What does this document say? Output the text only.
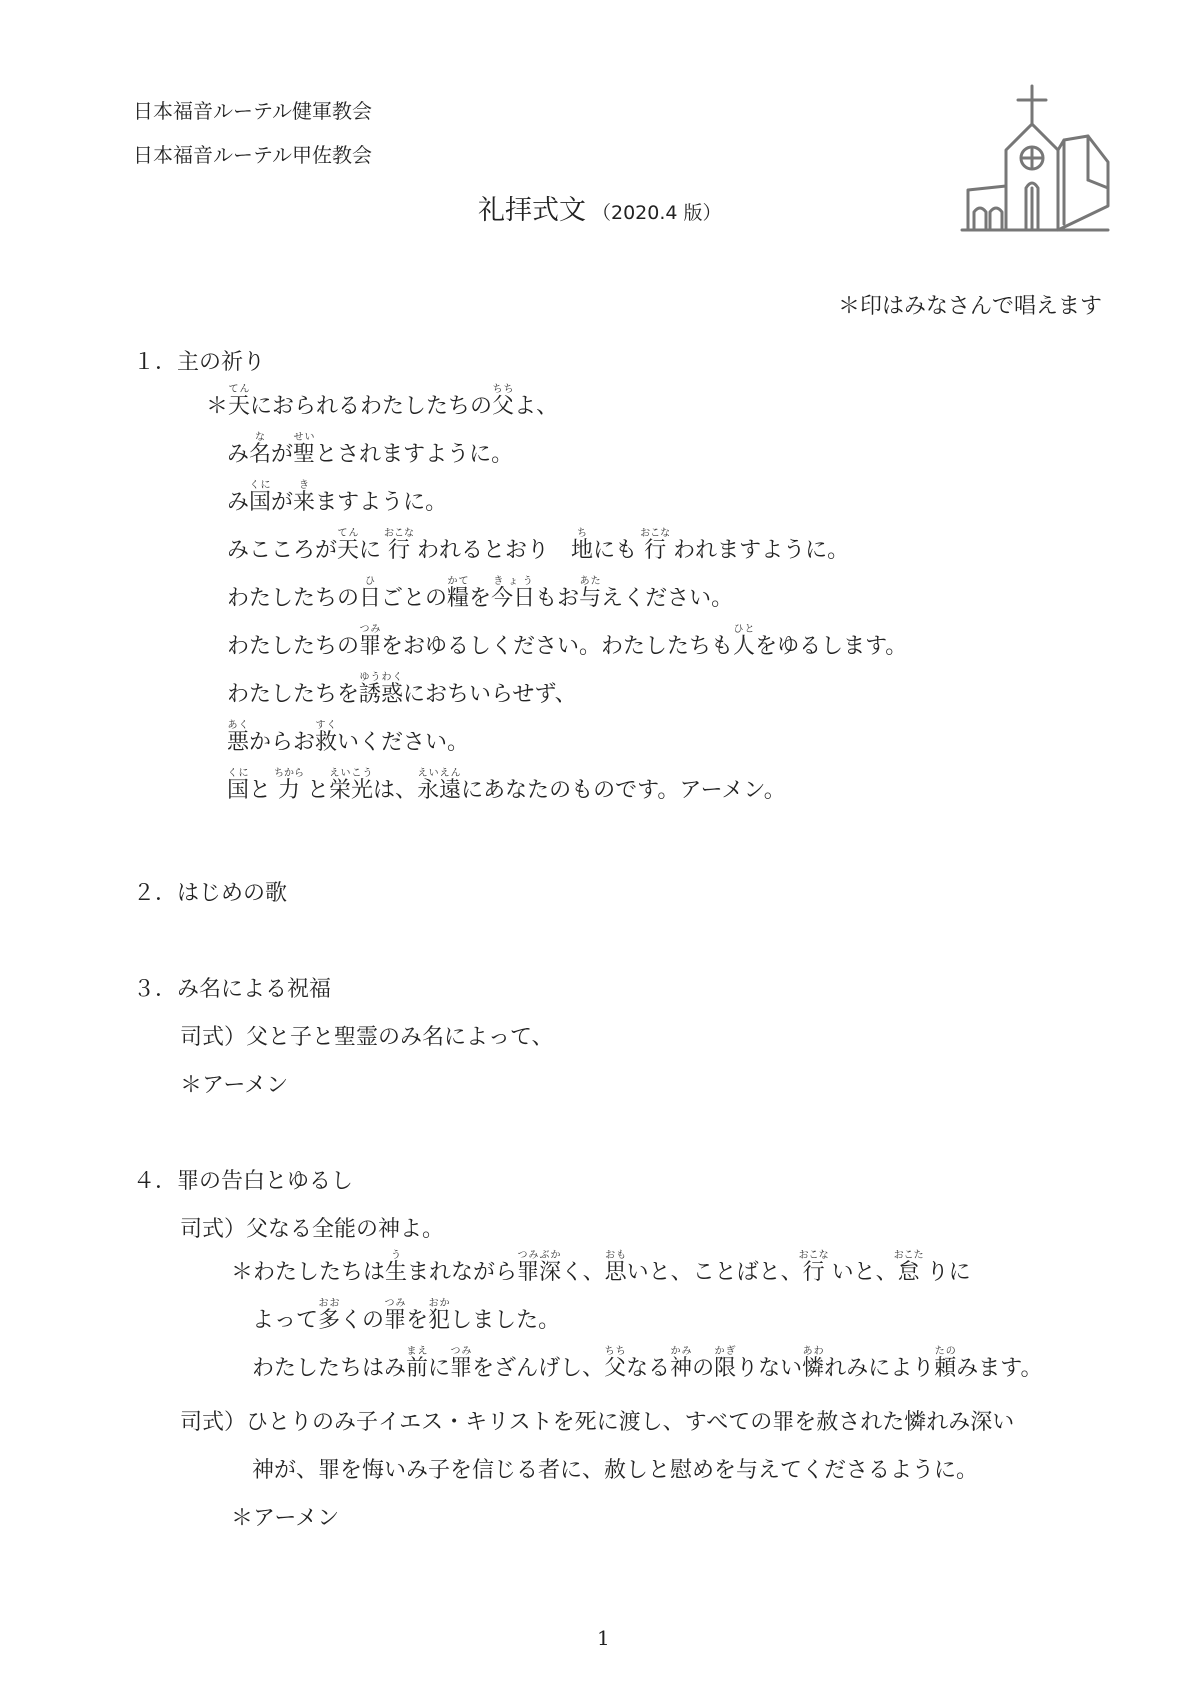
日本福音ルーテル健軍教会
日本福音ルーテル甲佐教会
礼拝式文 （2020.4 版）
＊印はみなさんで唱えます
１．主の祈り
＊天てんにおられるわたしたちの父ちちよ、
み名なが聖せいとされますように。
み国くにが来きますように。
みこころが天てんに 行おこな われるとおり　地ちにも 行おこな われますように。
わたしたちの日ひごとの糧かてを今日きょうもお与あたえください。
わたしたちの罪つみをおゆるしください。わたしたちも人ひとをゆるします。
わたしたちを誘惑ゆうわくにおちいらせず、
悪あくからお救すくいください。
国くにと 力ちから と栄光えいこうは、永遠えいえんにあなたのものです。アーメン。
２．はじめの歌
３．み名による祝福
司式）父と子と聖霊のみ名によって、
＊アーメン
４．罪の告白とゆるし
司式）父なる全能の神よ。
＊わたしたちは生うまれながら罪深つみぶかく、思おもいと、ことばと、行おこな いと、怠おこた りに
よって多おおくの罪つみを犯おかしました。
わたしたちはみ前まえに罪つみをざんげし、父ちちなる神かみの限かぎりない憐あわれみにより頼たのみます。
司式）ひとりのみ子イエス・キリストを死に渡し、すべての罪を赦された憐れみ深い
神が、罪を悔いみ子を信じる者に、赦しと慰めを与えてくださるように。
＊アーメン
1
